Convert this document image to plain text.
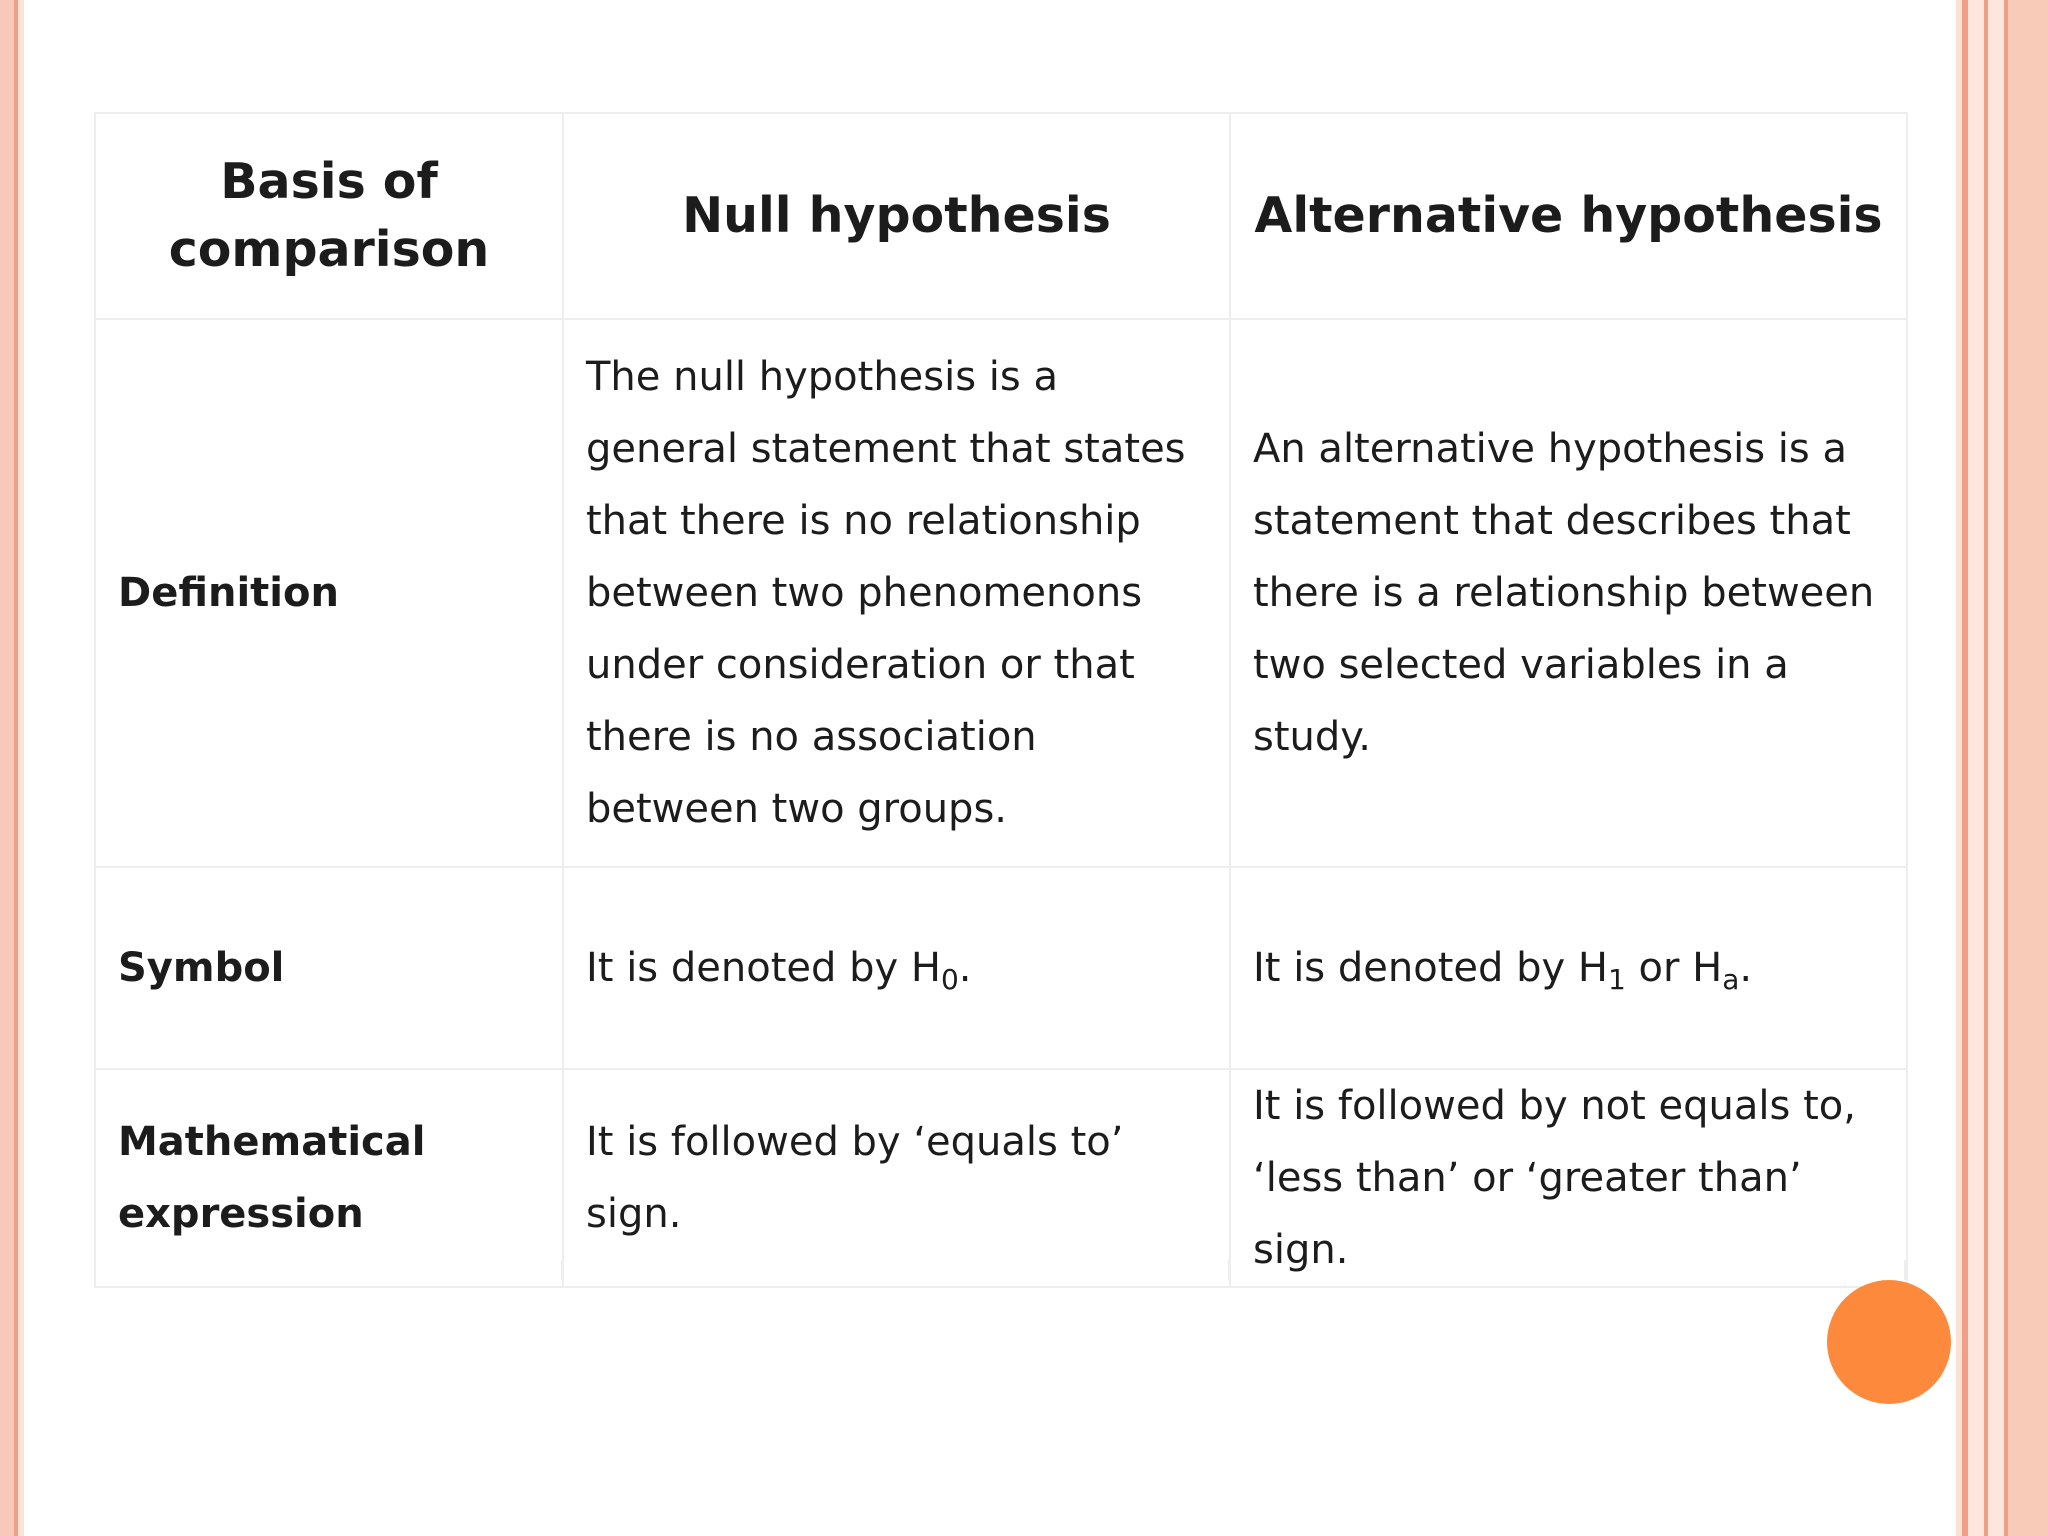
Basis of comparison	Null hypothesis	Alternative hypothesis
Definition	The null hypothesis is a general statement that states that there is no relationship between two phenomenons under consideration or that there is no association between two groups.	An alternative hypothesis is a statement that describes that there is a relationship between two selected variables in a study.
Symbol	It is denoted by $H_0$.	It is denoted by $H_1$ or $H_a$.
Mathematical expression	It is followed by ‘equals to’ sign.	It is followed by not equals to, ‘less than’ or ‘greater than’ sign.
